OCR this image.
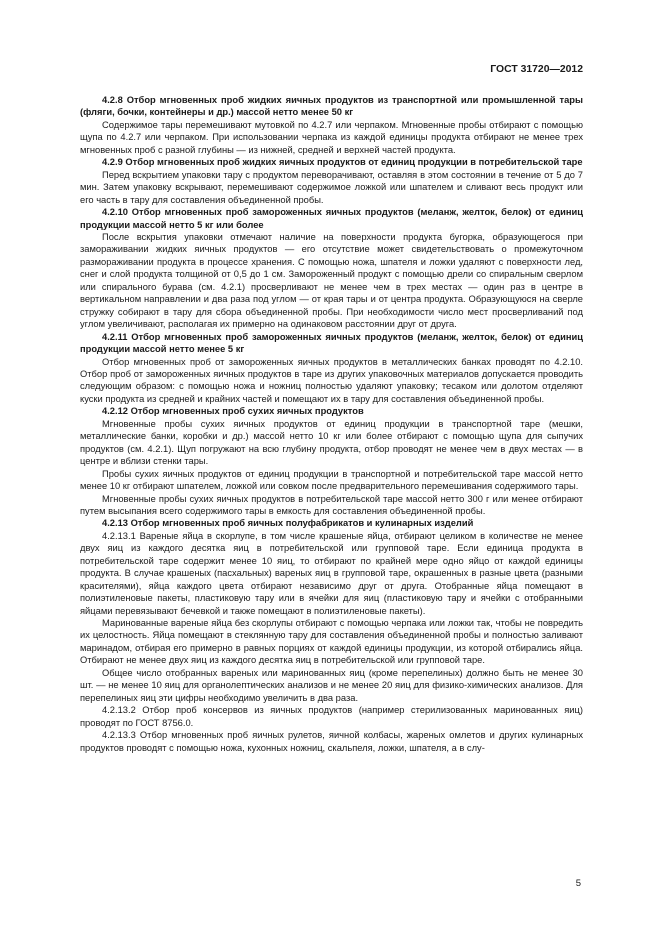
ГОСТ 31720—2012

4.2.8 Отбор мгновенных проб жидких яичных продуктов из транспортной или промышленной тары (фляги, бочки, контейнеры и др.) массой нетто менее 50 кг

Содержимое тары перемешивают мутовкой по 4.2.7 или черпаком. Мгновенные пробы отбирают с помощью щупа по 4.2.7 или черпаком. При использовании черпака из каждой единицы продукта отбирают не менее трех мгновенных проб с разной глубины — из нижней, средней и верхней частей продукта.

4.2.9 Отбор мгновенных проб жидких яичных продуктов от единиц продукции в потребительской таре

Перед вскрытием упаковки тару с продуктом переворачивают, оставляя в этом состоянии в течение от 5 до 7 мин. Затем упаковку вскрывают, перемешивают содержимое ложкой или шпателем и сливают весь продукт или его часть в тару для составления объединенной пробы.

4.2.10 Отбор мгновенных проб замороженных яичных продуктов (меланж, желток, белок) от единиц продукции массой нетто 5 кг или более

После вскрытия упаковки отмечают наличие на поверхности продукта бугорка, образующегося при замораживании жидких яичных продуктов — его отсутствие может свидетельствовать о промежуточном размораживании продукта в процессе хранения. С помощью ножа, шпателя и ложки удаляют с поверхности лед, снег и слой продукта толщиной от 0,5 до 1 см. Замороженный продукт с помощью дрели со спиральным сверлом или спирального бурава (см. 4.2.1) просверливают не менее чем в трех местах — один раз в центре в вертикальном направлении и два раза под углом — от края тары и от центра продукта. Образующуюся на сверле стружку собирают в тару для сбора объединенной пробы. При необходимости число мест просверливаний под углом увеличивают, располагая их примерно на одинаковом расстоянии друг от друга.

4.2.11 Отбор мгновенных проб замороженных яичных продуктов (меланж, желток, белок) от единиц продукции массой нетто менее 5 кг

Отбор мгновенных проб от замороженных яичных продуктов в металлических банках проводят по 4.2.10. Отбор проб от замороженных яичных продуктов в таре из других упаковочных материалов допускается проводить следующим образом: с помощью ножа и ножниц полностью удаляют упаковку; тесаком или долотом отделяют куски продукта из средней и крайних частей и помещают их в тару для составления объединенной пробы.

4.2.12 Отбор мгновенных проб сухих яичных продуктов

Мгновенные пробы сухих яичных продуктов от единиц продукции в транспортной таре (мешки, металлические банки, коробки и др.) массой нетто 10 кг или более отбирают с помощью щупа для сыпучих продуктов (см. 4.2.1). Щуп погружают на всю глубину продукта, отбор проводят не менее чем в двух местах — в центре и вблизи стенки тары.

Пробы сухих яичных продуктов от единиц продукции в транспортной и потребительской таре массой нетто менее 10 кг отбирают шпателем, ложкой или совком после предварительного перемешивания содержимого тары.

Мгновенные пробы сухих яичных продуктов в потребительской таре массой нетто 300 г или менее отбирают путем высыпания всего содержимого тары в емкость для составления объединенной пробы.

4.2.13 Отбор мгновенных проб яичных полуфабрикатов и кулинарных изделий

4.2.13.1 Вареные яйца в скорлупе, в том числе крашеные яйца, отбирают целиком в количестве не менее двух яиц из каждого десятка яиц в потребительской или групповой таре. Если единица продукта в потребительской таре содержит менее 10 яиц, то отбирают по крайней мере одно яйцо от каждой единицы продукта. В случае крашеных (пасхальных) вареных яиц в групповой таре, окрашенных в разные цвета (разными красителями), яйца каждого цвета отбирают независимо друг от друга. Отобранные яйца помещают в полиэтиленовые пакеты, пластиковую тару или в ячейки для яиц (пластиковую тару и ячейки с отобранными яйцами перевязывают бечевкой и также помещают в полиэтиленовые пакеты).

Маринованные вареные яйца без скорлупы отбирают с помощью черпака или ложки так, чтобы не повредить их целостность. Яйца помещают в стеклянную тару для составления объединенной пробы и полностью заливают маринадом, отбирая его примерно в равных порциях от каждой единицы продукции, из которой отбирались яйца. Отбирают не менее двух яиц из каждого десятка яиц в потребительской или групповой таре.

Общее число отобранных вареных или маринованных яиц (кроме перепелиных) должно быть не менее 30 шт. — не менее 10 яиц для органолептических анализов и не менее 20 яиц для физико-химических анализов. Для перепелиных яиц эти цифры необходимо увеличить в два раза.

4.2.13.2 Отбор проб консервов из яичных продуктов (например стерилизованных маринованных яиц) проводят по ГОСТ 8756.0.

4.2.13.3 Отбор мгновенных проб яичных рулетов, яичной колбасы, жареных омлетов и других кулинарных продуктов проводят с помощью ножа, кухонных ножниц, скальпеля, ложки, шпателя, а в слу-

5
